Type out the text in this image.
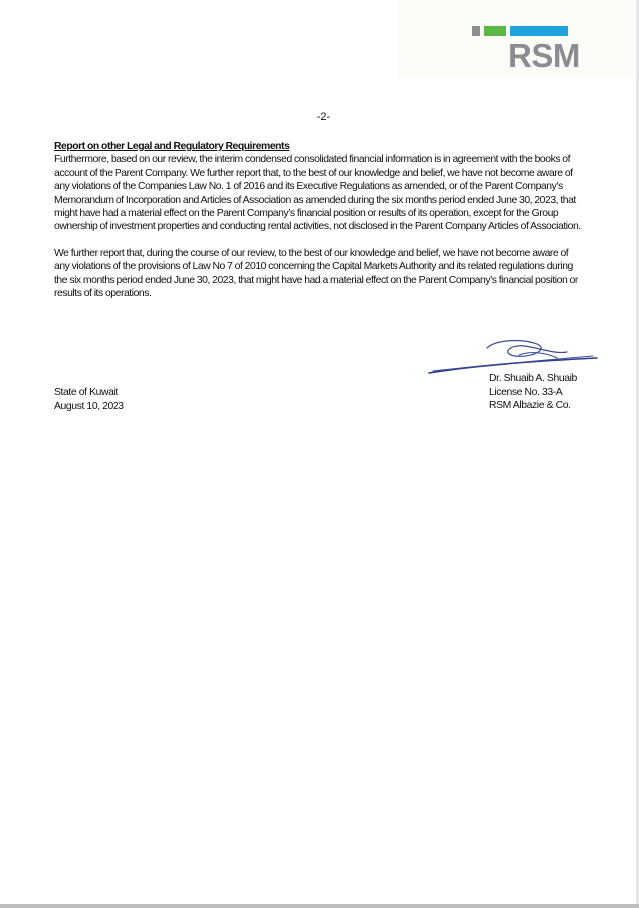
RSM
-2-

Report on other Legal and Regulatory Requirements

Furthermore, based on our review, the interim condensed consolidated financial information is in agreement with the books of account of the Parent Company. We further report that, to the best of our knowledge and belief, we have not become aware of any violations of the Companies Law No. 1 of 2016 and its Executive Regulations as amended, or of the Parent Company’s Memorandum of Incorporation and Articles of Association as amended during the six months period ended June 30, 2023, that might have had a material effect on the Parent Company’s financial position or results of its operation, except for the Group ownership of investment properties and conducting rental activities, not disclosed in the Parent Company Articles of Association.

We further report that, during the course of our review, to the best of our knowledge and belief, we have not become aware of any violations of the provisions of Law No 7 of 2010 concerning the Capital Markets Authority and its related regulations during the six months period ended June 30, 2023, that might have had a material effect on the Parent Company’s financial position or results of its operations.

Dr. Shuaib A. Shuaib
License No. 33-A
RSM Albazie & Co.
State of Kuwait
August 10, 2023
